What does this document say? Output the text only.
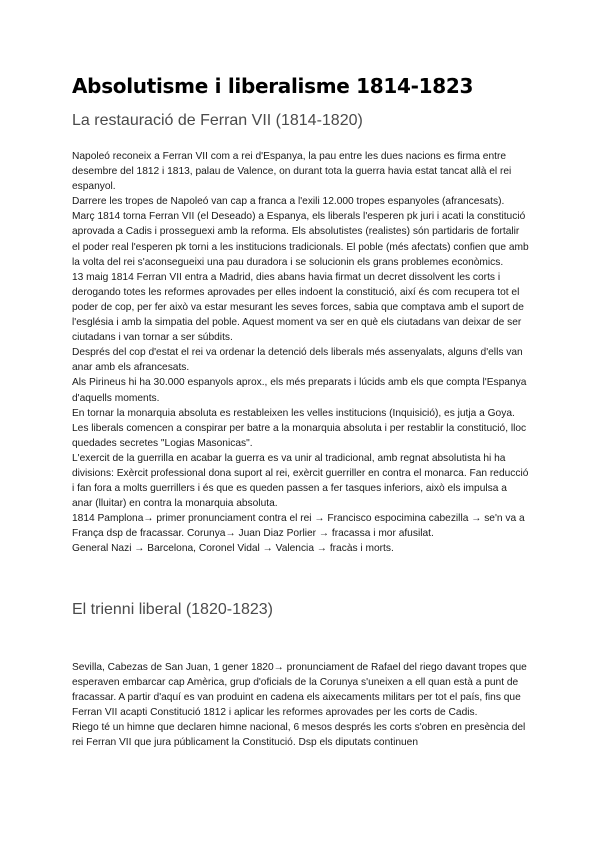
Absolutisme i liberalisme 1814-1823
La restauració de Ferran VII (1814-1820)

Napoleó reconeix a Ferran VII com a rei d'Espanya, la pau entre les dues nacions es firma entre desembre del 1812 i 1813, palau de Valence, on durant tota la guerra havia estat tancat allà el rei espanyol.

Darrere les tropes de Napoleó van cap a franca a l'exili 12.000 tropes espanyoles (afrancesats).

Març 1814 torna Ferran VII (el Deseado) a Espanya, els liberals l'esperen pk juri i acati la constitució aprovada a Cadis i prosseguexi amb la reforma. Els absolutistes (realistes) són partidaris de fortalir el poder real l'esperen pk torni a les institucions tradicionals. El poble (més afectats) confien que amb la volta del rei s'aconsegueixi una pau duradora i se solucionin els grans problemes econòmics.

13 maig 1814 Ferran VII entra a Madrid, dies abans havia firmat un decret dissolvent les corts i derogando totes les reformes aprovades per elles indoent la constitució, així és com recupera tot el poder de cop, per fer això va estar mesurant les seves forces, sabia que comptava amb el suport de l'església i amb la simpatia del poble. Aquest moment va ser en què els ciutadans van deixar de ser ciutadans i van tornar a ser súbdits.

Després del cop d'estat el rei va ordenar la detenció dels liberals més assenyalats, alguns d'ells van anar amb els afrancesats.

Als Pirineus hi ha 30.000 espanyols aprox., els més preparats i lúcids amb els que compta l'Espanya d'aquells moments.

En tornar la monarquia absoluta es restableixen les velles institucions (Inquisició), es jutja a Goya.

Les liberals comencen a conspirar per batre a la monarquia absoluta i per restablir la constitució, lloc quedades secretes "Logias Masonicas".

L'exercit de la guerrilla en acabar la guerra es va unir al tradicional, amb regnat absolutista hi ha divisions: Exèrcit professional dona suport al rei, exèrcit guerriller en contra el monarca. Fan reducció i fan fora a molts guerrillers i és que es queden passen a fer tasques inferiors, això els impulsa a anar (lluitar) en contra la monarquia absoluta.

1814 Pamplona→ primer pronunciament contra el rei → Francisco espocimina cabezilla → se'n va a França dsp de fracassar. Corunya→ Juan Diaz Porlier → fracassa i mor afusilat.

General Nazi → Barcelona, Coronel Vidal → Valencia → fracàs i morts.

El trienni liberal (1820-1823)

Sevilla, Cabezas de San Juan, 1 gener 1820→ pronunciament de Rafael del riego davant tropes que esperaven embarcar cap Amèrica, grup d'oficials de la Corunya s'uneixen a ell quan està a punt de fracassar. A partir d'aquí es van produint en cadena els aixecaments militars per tot el país, fins que Ferran VII acapti Constitució 1812 i aplicar les reformes aprovades per les corts de Cadis.

Riego té un himne que declaren himne nacional, 6 mesos després les corts s'obren en presència del rei Ferran VII que jura públicament la Constitució. Dsp els diputats continuen
